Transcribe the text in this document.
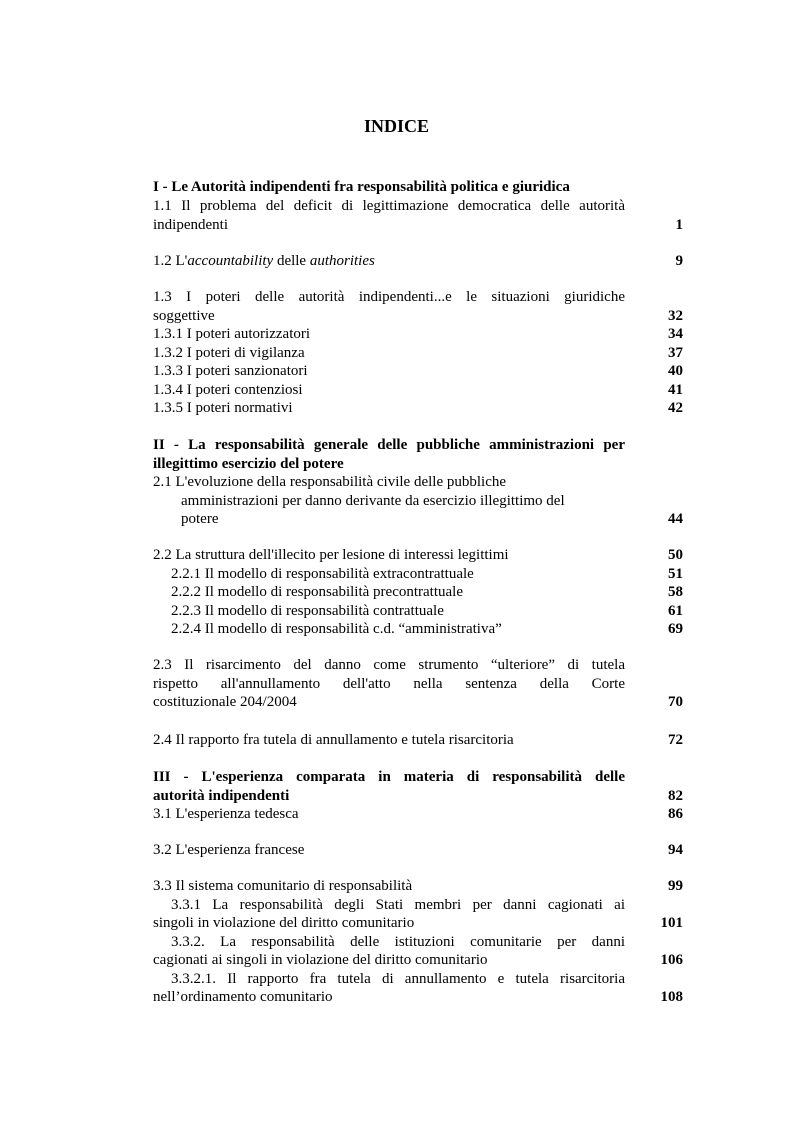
INDICE
I - Le Autorità indipendenti fra responsabilità politica e giuridica
1.1 Il problema del deficit di legittimazione democratica delle autorità
indipendenti	1
1.2 L'accountability delle authorities	9
1.3 I poteri delle autorità indipendenti...e le situazioni giuridiche
soggettive	32
1.3.1 I poteri autorizzatori	34
1.3.2 I poteri di vigilanza	37
1.3.3 I poteri sanzionatori	40
1.3.4 I poteri contenziosi	41
1.3.5 I poteri normativi	42
II - La responsabilità generale delle pubbliche amministrazioni per
illegittimo esercizio del potere
2.1 L'evoluzione della responsabilità civile delle pubbliche
amministrazioni per danno derivante da esercizio illegittimo del
potere	44
2.2 La struttura dell'illecito per lesione di interessi legittimi	50
2.2.1 Il modello di responsabilità extracontrattuale	51
2.2.2 Il modello di responsabilità precontrattuale	58
2.2.3 Il modello di responsabilità contrattuale	61
2.2.4 Il modello di responsabilità c.d. “amministrativa”	69
2.3 Il risarcimento del danno come strumento “ulteriore” di tutela
rispetto all'annullamento dell'atto nella sentenza della Corte
costituzionale 204/2004	70
2.4 Il rapporto fra tutela di annullamento e tutela risarcitoria	72
III - L'esperienza comparata in materia di responsabilità delle
autorità indipendenti	82
3.1 L'esperienza tedesca	86
3.2 L'esperienza francese	94
3.3 Il sistema comunitario di responsabilità	99
3.3.1 La responsabilità degli Stati membri per danni cagionati ai
singoli in violazione del diritto comunitario	101
3.3.2. La responsabilità delle istituzioni comunitarie per danni
cagionati ai singoli in violazione del diritto comunitario	106
3.3.2.1. Il rapporto fra tutela di annullamento e tutela risarcitoria
nell’ordinamento comunitario	108
